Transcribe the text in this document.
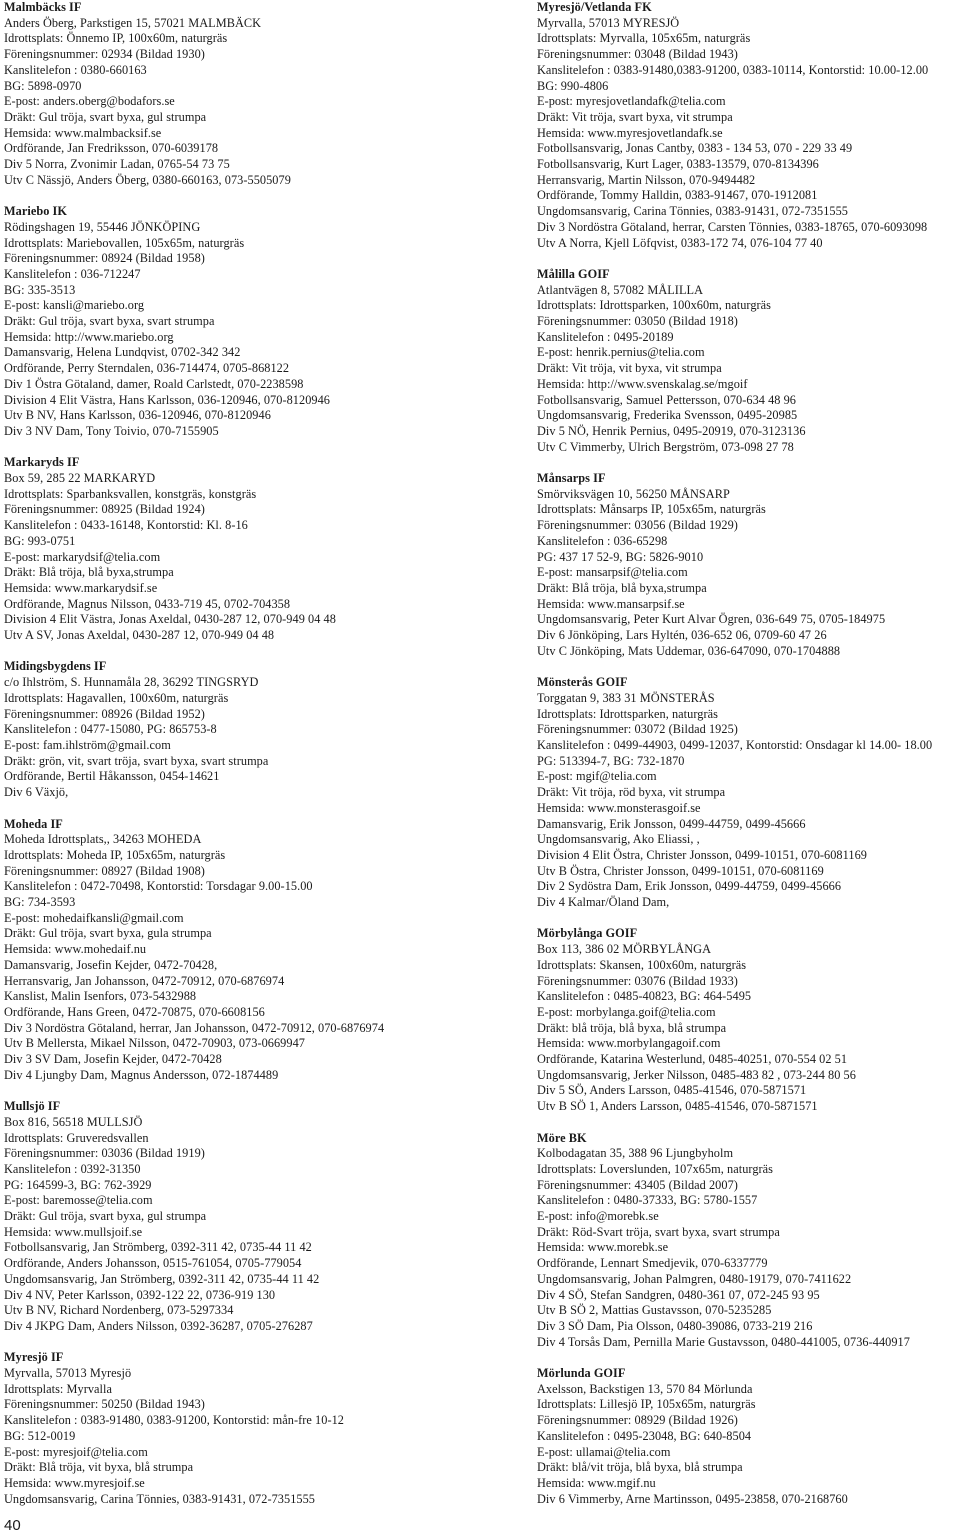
Malmbäcks IF
Anders Öberg, Parkstigen 15, 57021 MALMBÄCK
Idrottsplats: Önnemo IP, 100x60m, naturgräs
Föreningsnummer: 02934 (Bildad 1930)
Kanslitelefon : 0380-660163
BG: 5898-0970
E-post: anders.oberg@bodafors.se
Dräkt: Gul tröja, svart byxa, gul strumpa
Hemsida: www.malmbacksif.se
Ordförande, Jan Fredriksson, 070-6039178
Div 5 Norra, Zvonimir Ladan, 0765-54 73 75
Utv C Nässjö, Anders Öberg, 0380-660163, 073-5505079
Mariebo IK
Rödingshagen 19, 55446 JÖNKÖPING
Idrottsplats: Mariebovallen, 105x65m, naturgräs
Föreningsnummer: 08924 (Bildad 1958)
Kanslitelefon : 036-712247
BG: 335-3513
E-post: kansli@mariebo.org
Dräkt: Gul tröja, svart byxa, svart strumpa
Hemsida: http://www.mariebo.org
Damansvarig, Helena Lundqvist, 0702-342 342
Ordförande, Perry Sterndalen, 036-714474, 0705-868122
Div 1 Östra Götaland, damer, Roald Carlstedt, 070-2238598
Division 4 Elit Västra, Hans Karlsson, 036-120946, 070-8120946
Utv B NV, Hans Karlsson, 036-120946, 070-8120946
Div 3 NV Dam, Tony Toivio, 070-7155905
Markaryds IF
Box 59, 285 22 MARKARYD
Idrottsplats: Sparbanksvallen, konstgräs, konstgräs
Föreningsnummer: 08925 (Bildad 1924)
Kanslitelefon : 0433-16148, Kontorstid: Kl. 8-16
BG: 993-0751
E-post: markarydsif@telia.com
Dräkt: Blå tröja, blå byxa,strumpa
Hemsida: www.markarydsif.se
Ordförande, Magnus Nilsson, 0433-719 45, 0702-704358
Division 4 Elit Västra, Jonas Axeldal, 0430-287 12, 070-949 04 48
Utv A SV, Jonas Axeldal, 0430-287 12, 070-949 04 48
Midingsbygdens IF
c/o Ihlström, S. Hunnamåla 28, 36292 TINGSRYD
Idrottsplats: Hagavallen, 100x60m, naturgräs
Föreningsnummer: 08926 (Bildad 1952)
Kanslitelefon : 0477-15080, PG: 865753-8
E-post: fam.ihlström@gmail.com
Dräkt: grön, vit, svart tröja, svart byxa, svart strumpa
Ordförande, Bertil Håkansson, 0454-14621
Div 6 Växjö,
Moheda IF
Moheda Idrottsplats,, 34263 MOHEDA
Idrottsplats: Moheda IP, 105x65m, naturgräs
Föreningsnummer: 08927 (Bildad 1908)
Kanslitelefon : 0472-70498, Kontorstid: Torsdagar 9.00-15.00
BG: 734-3593
E-post: mohedaifkansli@gmail.com
Dräkt: Gul tröja, svart byxa, gula strumpa
Hemsida: www.mohedaif.nu
Damansvarig, Josefin Kejder, 0472-70428,
Herransvarig, Jan Johansson, 0472-70912, 070-6876974
Kanslist, Malin Isenfors, 073-5432988
Ordförande, Hans Green, 0472-70875, 070-6608156
Div 3 Nordöstra Götaland, herrar, Jan Johansson, 0472-70912, 070-6876974
Utv B Mellersta, Mikael Nilsson, 0472-70903, 073-0669947
Div 3 SV Dam, Josefin Kejder, 0472-70428
Div 4 Ljungby Dam, Magnus Andersson, 072-1874489
Mullsjö IF
Box 816, 56518 MULLSJÖ
Idrottsplats: Gruveredsvallen
Föreningsnummer: 03036 (Bildad 1919)
Kanslitelefon : 0392-31350
PG: 164599-3, BG: 762-3929
E-post: baremosse@telia.com
Dräkt: Gul tröja, svart byxa, gul strumpa
Hemsida: www.mullsjoif.se
Fotbollsansvarig, Jan Strömberg, 0392-311 42, 0735-44 11 42
Ordförande, Anders Johansson, 0515-761054, 0705-779054
Ungdomsansvarig, Jan Strömberg, 0392-311 42, 0735-44 11 42
Div 4 NV, Peter Karlsson, 0392-122 22, 0736-919 130
Utv B NV, Richard Nordenberg, 073-5297334
Div 4 JKPG Dam, Anders Nilsson, 0392-36287, 0705-276287
Myresjö IF
Myrvalla, 57013 Myresjö
Idrottsplats: Myrvalla
Föreningsnummer: 50250 (Bildad 1943)
Kanslitelefon : 0383-91480, 0383-91200, Kontorstid: mån-fre 10-12
BG: 512-0019
E-post: myresjoif@telia.com
Dräkt: Blå tröja, vit byxa, blå strumpa
Hemsida: www.myresjoif.se
Ungdomsansvarig, Carina Tönnies, 0383-91431, 072-7351555
Myresjö/Vetlanda FK
Myrvalla, 57013 MYRESJÖ
Idrottsplats: Myrvalla, 105x65m, naturgräs
Föreningsnummer: 03048 (Bildad 1943)
Kanslitelefon : 0383-91480,0383-91200, 0383-10114, Kontorstid: 10.00-12.00
BG: 990-4806
E-post: myresjovetlandafk@telia.com
Dräkt: Vit tröja, svart byxa, vit strumpa
Hemsida: www.myresjovetlandafk.se
Fotbollsansvarig, Jonas Cantby, 0383 - 134 53, 070 - 229 33 49
Fotbollsansvarig, Kurt Lager, 0383-13579, 070-8134396
Herransvarig, Martin Nilsson, 070-9494482
Ordförande, Tommy Halldin, 0383-91467, 070-1912081
Ungdomsansvarig, Carina Tönnies, 0383-91431, 072-7351555
Div 3 Nordöstra Götaland, herrar, Carsten Tönnies, 0383-18765, 070-6093098
Utv A Norra, Kjell Löfqvist, 0383-172 74, 076-104 77 40
Målilla GOIF
Atlantvägen 8, 57082 MÅLILLA
Idrottsplats: Idrottsparken, 100x60m, naturgräs
Föreningsnummer: 03050 (Bildad 1918)
Kanslitelefon : 0495-20189
E-post: henrik.pernius@telia.com
Dräkt: Vit tröja, vit byxa, vit strumpa
Hemsida: http://www.svenskalag.se/mgoif
Fotbollsansvarig, Samuel Pettersson, 070-634 48 96
Ungdomsansvarig, Frederika Svensson, 0495-20985
Div 5 NÖ, Henrik Pernius, 0495-20919, 070-3123136
Utv C Vimmerby, Ulrich Bergström, 073-098 27 78
Månsarps IF
Smörviksvägen 10, 56250 MÅNSARP
Idrottsplats: Månsarps IP, 105x65m, naturgräs
Föreningsnummer: 03056 (Bildad 1929)
Kanslitelefon : 036-65298
PG: 437 17 52-9, BG: 5826-9010
E-post: mansarpsif@telia.com
Dräkt: Blå tröja, blå byxa,strumpa
Hemsida: www.mansarpsif.se
Ungdomsansvarig, Peter Kurt Alvar Ögren, 036-649 75, 0705-184975
Div 6 Jönköping, Lars Hyltén, 036-652 06, 0709-60 47 26
Utv C Jönköping, Mats Uddemar, 036-647090, 070-1704888
Mönsterås GOIF
Torggatan 9, 383 31 MÖNSTERÅS
Idrottsplats: Idrottsparken, naturgräs
Föreningsnummer: 03072 (Bildad 1925)
Kanslitelefon : 0499-44903, 0499-12037, Kontorstid: Onsdagar kl 14.00- 18.00
PG: 513394-7, BG: 732-1870
E-post: mgif@telia.com
Dräkt: Vit tröja, röd byxa, vit strumpa
Hemsida: www.monsterasgoif.se
Damansvarig, Erik Jonsson, 0499-44759, 0499-45666
Ungdomsansvarig, Ako Eliassi, ,
Division 4 Elit Östra, Christer Jonsson, 0499-10151, 070-6081169
Utv B Östra, Christer Jonsson, 0499-10151, 070-6081169
Div 2 Sydöstra Dam, Erik Jonsson, 0499-44759, 0499-45666
Div 4 Kalmar/Öland Dam,
Mörbylånga GOIF
Box 113, 386 02 MÖRBYLÅNGA
Idrottsplats: Skansen, 100x60m, naturgräs
Föreningsnummer: 03076 (Bildad 1933)
Kanslitelefon : 0485-40823, BG: 464-5495
E-post: morbylanga.goif@telia.com
Dräkt: blå tröja, blå byxa, blå strumpa
Hemsida: www.morbylangagoif.com
Ordförande, Katarina Westerlund, 0485-40251, 070-554 02 51
Ungdomsansvarig, Jerker Nilsson, 0485-483 82 , 073-244 80 56
Div 5 SÖ, Anders Larsson, 0485-41546, 070-5871571
Utv B SÖ 1, Anders Larsson, 0485-41546, 070-5871571
Möre BK
Kolbodagatan 35, 388 96 Ljungbyholm
Idrottsplats: Loverslunden, 107x65m, naturgräs
Föreningsnummer: 43405 (Bildad 2007)
Kanslitelefon : 0480-37333, BG: 5780-1557
E-post: info@morebk.se
Dräkt: Röd-Svart tröja, svart byxa, svart strumpa
Hemsida: www.morebk.se
Ordförande, Lennart Smedjevik, 070-6337779
Ungdomsansvarig, Johan Palmgren, 0480-19179, 070-7411622
Div 4 SÖ, Stefan Sandgren, 0480-361 07, 072-245 93 95
Utv B SÖ 2, Mattias Gustavsson, 070-5235285
Div 3 SÖ Dam, Pia Olsson, 0480-39086, 0733-219 216
Div 4 Torsås Dam, Pernilla Marie Gustavsson, 0480-441005, 0736-440917
Mörlunda GOIF
Axelsson, Backstigen 13, 570 84 Mörlunda
Idrottsplats: Lillesjö IP, 105x65m, naturgräs
Föreningsnummer: 08929 (Bildad 1926)
Kanslitelefon : 0495-23048, BG: 640-8504
E-post: ullamai@telia.com
Dräkt: blå/vit tröja, blå byxa, blå strumpa
Hemsida: www.mgif.nu
Div 6 Vimmerby, Arne Martinsson, 0495-23858, 070-2168760
40
